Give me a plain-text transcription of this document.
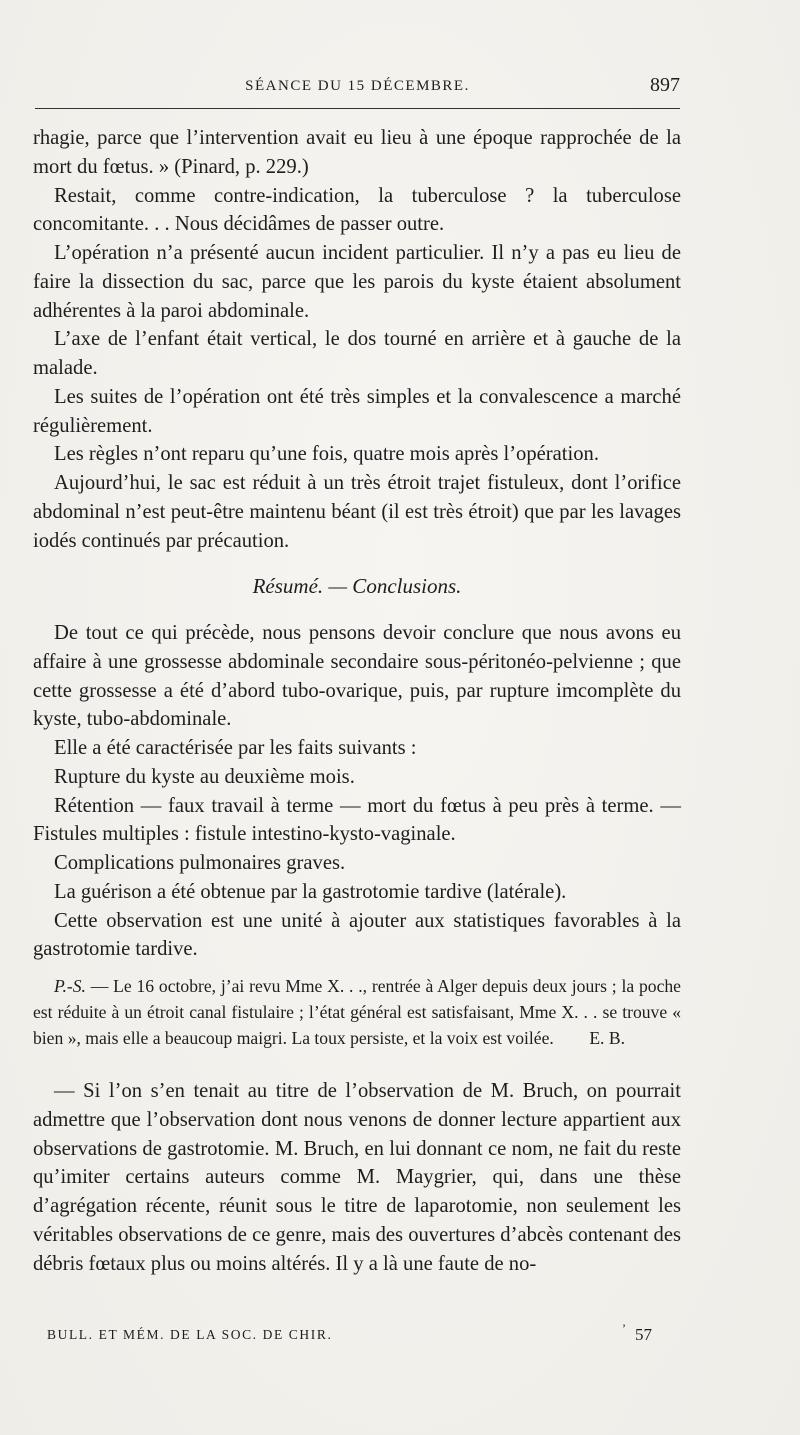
SÉANCE DU 15 DÉCEMBRE.	897

rhagie, parce que l’intervention avait eu lieu à une époque rapprochée de la mort du fœtus. » (Pinard, p. 229.)

Restait, comme contre-indication, la tuberculose ? la tuberculose concomitante. . . Nous décidâmes de passer outre.

L’opération n’a présenté aucun incident particulier. Il n’y a pas eu lieu de faire la dissection du sac, parce que les parois du kyste étaient absolument adhérentes à la paroi abdominale.

L’axe de l’enfant était vertical, le dos tourné en arrière et à gauche de la malade.

Les suites de l’opération ont été très simples et la convalescence a marché régulièrement.

Les règles n’ont reparu qu’une fois, quatre mois après l’opération.

Aujourd’hui, le sac est réduit à un très étroit trajet fistuleux, dont l’orifice abdominal n’est peut-être maintenu béant (il est très étroit) que par les lavages iodés continués par précaution.

Résumé. — Conclusions.

De tout ce qui précède, nous pensons devoir conclure que nous avons eu affaire à une grossesse abdominale secondaire sous-péritonéo-pelvienne ; que cette grossesse a été d’abord tubo-ovarique, puis, par rupture imcomplète du kyste, tubo-abdominale.

Elle a été caractérisée par les faits suivants :

Rupture du kyste au deuxième mois.

Rétention — faux travail à terme — mort du fœtus à peu près à terme. — Fistules multiples : fistule intestino-kysto-vaginale.

Complications pulmonaires graves.

La guérison a été obtenue par la gastrotomie tardive (latérale).

Cette observation est une unité à ajouter aux statistiques favorables à la gastrotomie tardive.

P.-S. — Le 16 octobre, j’ai revu Mme X. . ., rentrée à Alger depuis deux jours ; la poche est réduite à un étroit canal fistulaire ; l’état général est satisfaisant, Mme X. . . se trouve « bien », mais elle a beaucoup maigri. La toux persiste, et la voix est voilée.	E. B.

— Si l’on s’en tenait au titre de l’observation de M. Bruch, on pourrait admettre que l’observation dont nous venons de donner lecture appartient aux observations de gastrotomie. M. Bruch, en lui donnant ce nom, ne fait du reste qu’imiter certains auteurs comme M. Maygrier, qui, dans une thèse d’agrégation récente, réunit sous le titre de laparotomie, non seulement les véritables observations de ce genre, mais des ouvertures d’abcès contenant des débris fœtaux plus ou moins altérés. Il y a là une faute de no-

BULL. ET MÉM. DE LA SOC. DE CHIR.	’ 57
